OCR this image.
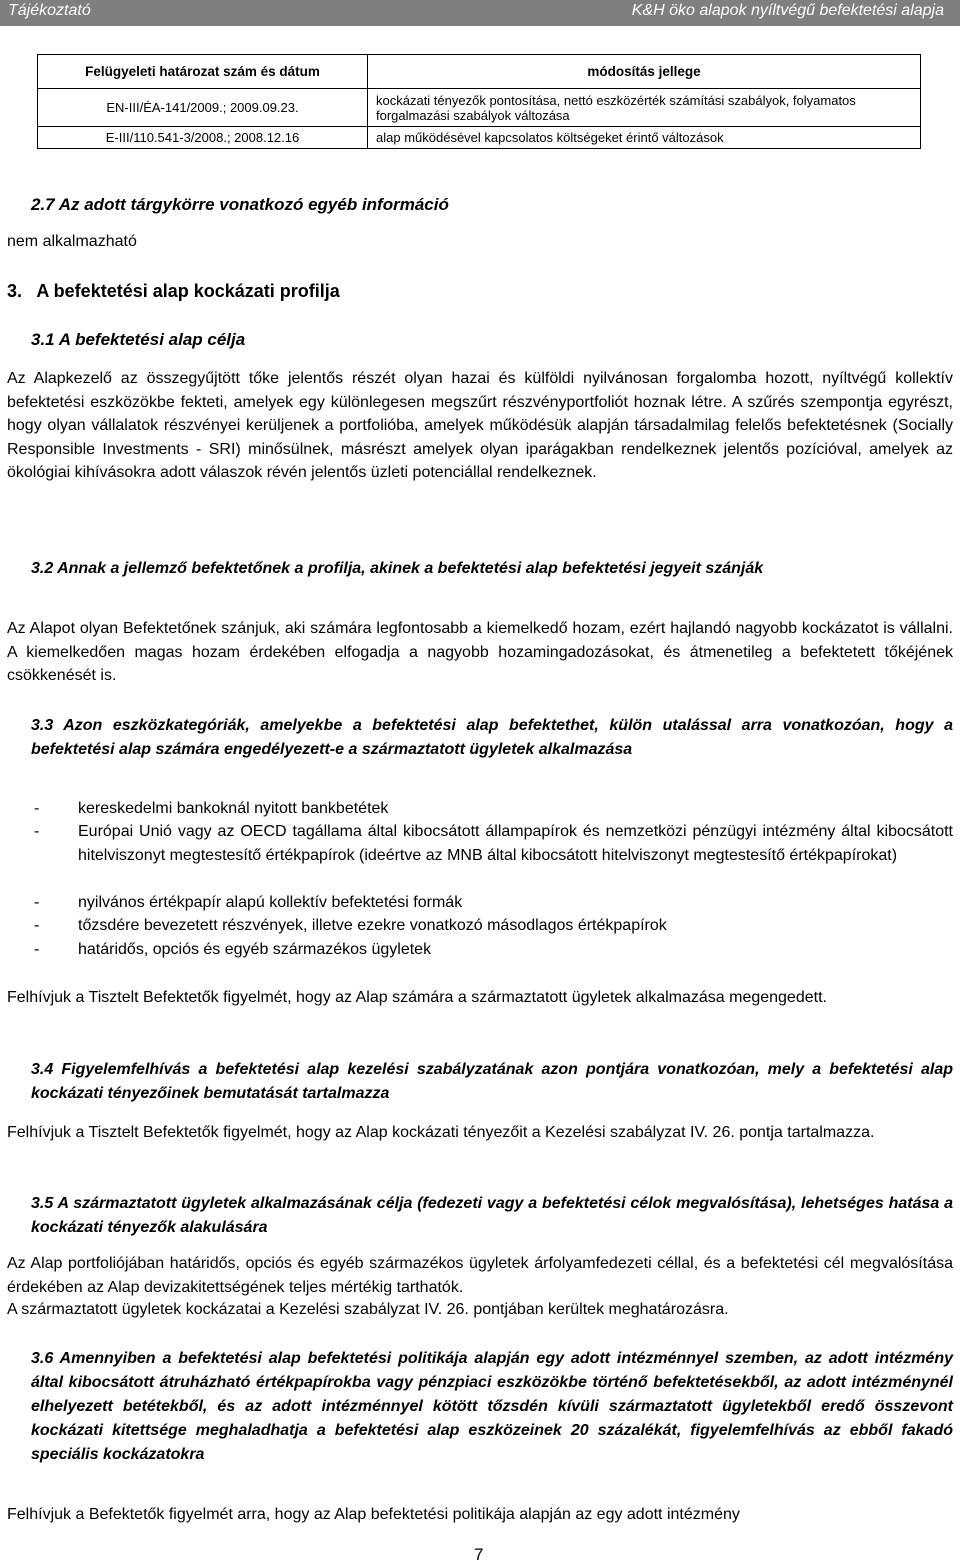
Tájékoztató	K&H öko alapok nyíltvégű befektetési alapja
Felügyeleti határozat szám és dátum	módosítás jellege
EN-III/ÉA-141/2009.; 2009.09.23.	kockázati tényezők pontosítása, nettó eszközérték számítási szabályok, folyamatos forgalmazási szabályok változása
E-III/110.541-3/2008.; 2008.12.16	alap működésével kapcsolatos költségeket érintő változások
2.7 Az adott tárgykörre vonatkozó egyéb információ
nem alkalmazható
3.   A befektetési alap kockázati profilja
3.1 A befektetési alap célja
Az Alapkezelő az összegyűjtött tőke jelentős részét olyan hazai és külföldi nyilvánosan forgalomba hozott, nyíltvégű kollektív befektetési eszközökbe fekteti, amelyek egy különlegesen megszűrt részvényportfoliót hoznak létre. A szűrés szempontja egyrészt, hogy olyan vállalatok részvényei kerüljenek a portfolióba, amelyek működésük alapján társadalmilag felelős befektetésnek (Socially Responsible Investments - SRI) minősülnek, másrészt amelyek olyan iparágakban rendelkeznek jelentős pozícióval, amelyek az ökológiai kihívásokra adott válaszok révén jelentős üzleti potenciállal rendelkeznek.
3.2 Annak a jellemző befektetőnek a profilja, akinek a befektetési alap befektetési jegyeit szánják
Az Alapot olyan Befektetőnek szánjuk, aki számára legfontosabb a kiemelkedő hozam, ezért hajlandó nagyobb kockázatot is vállalni. A kiemelkedően magas hozam érdekében elfogadja a nagyobb hozamingadozásokat, és átmenetileg a befektetett tőkéjének csökkenését is.
3.3 Azon eszközkategóriák, amelyekbe a befektetési alap befektethet, külön utalással arra vonatkozóan, hogy a befektetési alap számára engedélyezett-e a származtatott ügyletek alkalmazása
- kereskedelmi bankoknál nyitott bankbetétek
- Európai Unió vagy az OECD tagállama által kibocsátott állampapírok és nemzetközi pénzügyi intézmény által kibocsátott hitelviszonyt megtestesítő értékpapírok (ideértve az MNB által kibocsátott hitelviszonyt megtestesítő értékpapírokat)
- nyilvános értékpapír alapú kollektív befektetési formák
- tőzsdére bevezetett részvények, illetve ezekre vonatkozó másodlagos értékpapírok
- határidős, opciós és egyéb származékos ügyletek
Felhívjuk a Tisztelt Befektetők figyelmét, hogy az Alap számára a származtatott ügyletek alkalmazása megengedett.
3.4 Figyelemfelhívás a befektetési alap kezelési szabályzatának azon pontjára vonatkozóan, mely a befektetési alap kockázati tényezőinek bemutatását tartalmazza
Felhívjuk a Tisztelt Befektetők figyelmét, hogy az Alap kockázati tényezőit a Kezelési szabályzat IV. 26. pontja tartalmazza.
3.5 A származtatott ügyletek alkalmazásának célja (fedezeti vagy a befektetési célok megvalósítása), lehetséges hatása a kockázati tényezők alakulására
Az Alap portfoliójában határidős, opciós és egyéb származékos ügyletek árfolyamfedezeti céllal, és a befektetési cél megvalósítása érdekében az Alap devizakitettségének teljes mértékig tarthatók.
A származtatott ügyletek kockázatai a Kezelési szabályzat IV. 26. pontjában kerültek meghatározásra.
3.6 Amennyiben a befektetési alap befektetési politikája alapján egy adott intézménnyel szemben, az adott intézmény által kibocsátott átruházható értékpapírokba vagy pénzpiaci eszközökbe történő befektetésekből, az adott intézménynél elhelyezett betétekből, és az adott intézménnyel kötött tőzsdén kívüli származtatott ügyletekből eredő összevont kockázati kitettsége meghaladhatja a befektetési alap eszközeinek 20 százalékát, figyelemfelhívás az ebből fakadó speciális kockázatokra
Felhívjuk a Befektetők figyelmét arra, hogy az Alap befektetési politikája alapján az egy adott intézmény
7
